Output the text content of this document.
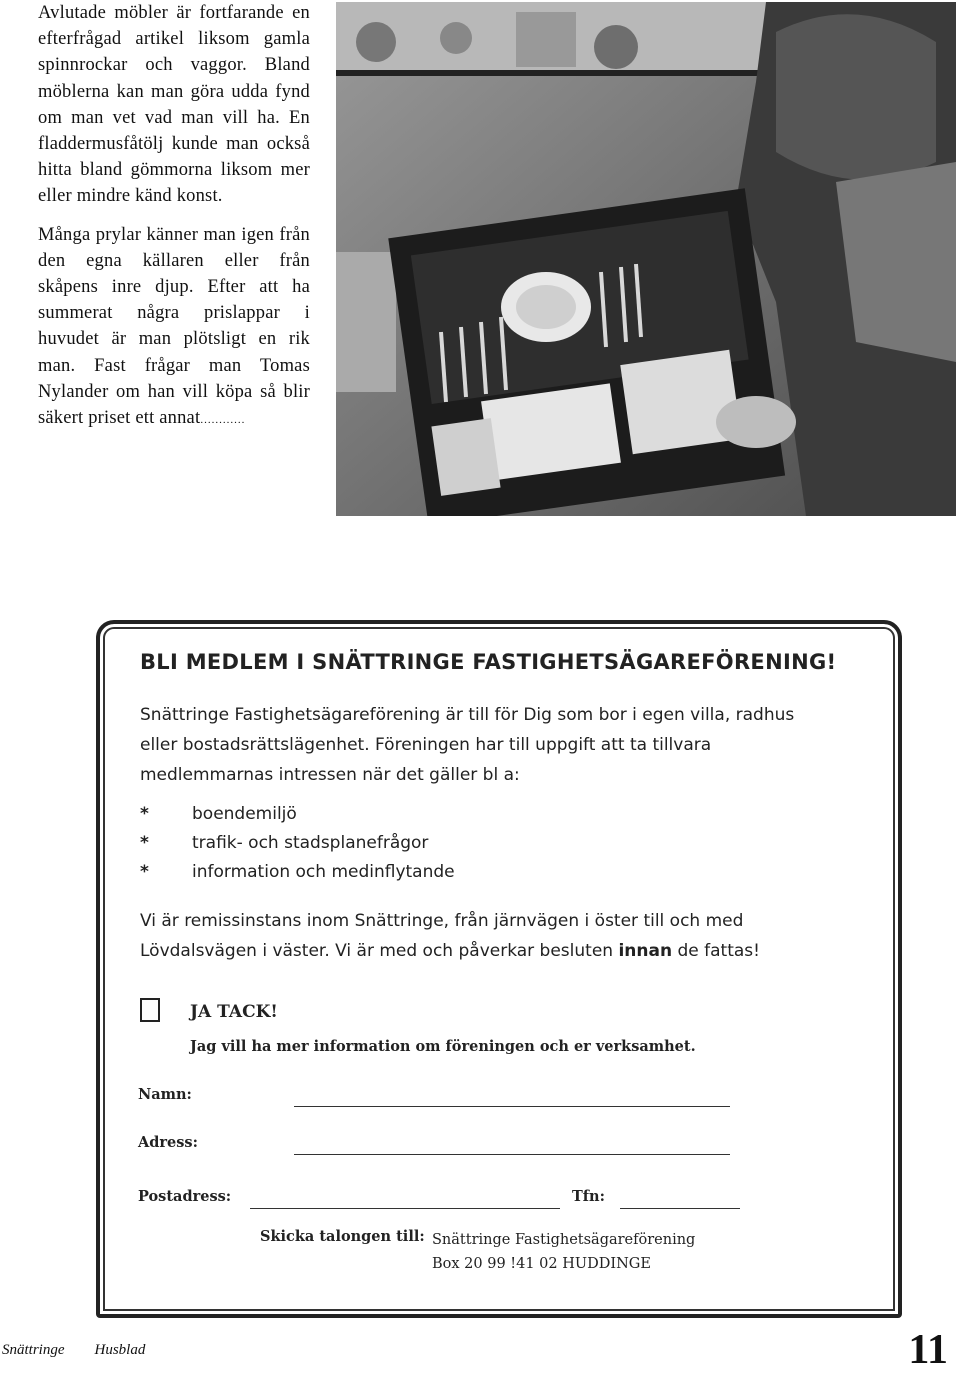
Avlutade möbler är fortfarande en efterfrågad artikel liksom gamla spinnrockar och vaggor. Bland möblerna kan man göra udda fynd om man vet vad man vill ha. En fladdermusfåtölj kunde man också hitta bland gömmorna liksom mer eller mindre känd konst.

Många prylar känner man igen från den egna källaren eller från skåpens inre djup. Efter att ha summerat några prislappar i huvudet är man plötsligt en rik man. Fast frågar man Tomas Nylander om han vill köpa så blir säkert priset ett annat............

BLI MEDLEM I SNÄTTRINGE FASTIGHETSÄGAREFÖRENING!
Snättringe Fastighetsägareförening är till för Dig som bor i egen villa, radhus eller bostadsrättslägenhet. Föreningen har till uppgift att ta tillvara medlemmarnas intressen när det gäller bl a:
*	boendemiljö
*	trafik- och stadsplanefrågor
*	information och medinflytande
Vi är remissinstans inom Snättringe, från järnvägen i öster till och med Lövdalsvägen i väster. Vi är med och påverkar besluten innan de fattas!
JA TACK!
Jag vill ha mer information om föreningen och er verksamhet.
Namn:
Adress:
Postadress:	Tfn:
Skicka talongen till: Snättringe Fastighetsägareförening
Box 20 99 !41 02 HUDDINGE
Snättringe Husblad	11
